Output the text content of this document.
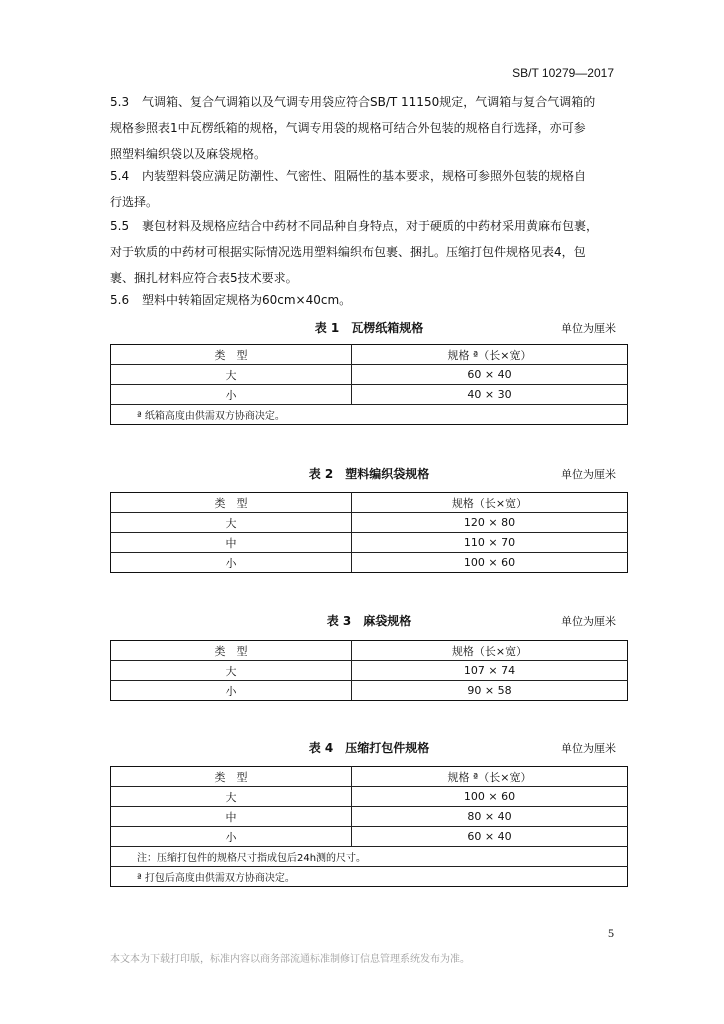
SB/T 10279—2017
5.3 气调箱、复合气调箱以及气调专用袋应符合SB/T 11150规定，气调箱与复合气调箱的
规格参照表1中瓦楞纸箱的规格，气调专用袋的规格可结合外包装的规格自行选择，亦可参
照塑料编织袋以及麻袋规格。
5.4 内装塑料袋应满足防潮性、气密性、阻隔性的基本要求，规格可参照外包装的规格自
行选择。
5.5 裹包材料及规格应结合中药材不同品种自身特点，对于硬质的中药材采用黄麻布包裹，
对于软质的中药材可根据实际情况选用塑料编织布包裹、捆扎。压缩打包件规格见表4，包
裹、捆扎材料应符合表5技术要求。
5.6 塑料中转箱固定规格为60cm×40cm。
表 1　瓦楞纸箱规格	单位为厘米
类　型	规格 ª（长×宽）
大	60 × 40
小	40 × 30
ª 纸箱高度由供需双方协商决定。	
表 2　塑料编织袋规格	单位为厘米
类　型	规格（长×宽）
大	120 × 80
中	110 × 70
小	100 × 60
表 3　麻袋规格	单位为厘米
类　型	规格（长×宽）
大	107 × 74
小	90 × 58
表 4　压缩打包件规格	单位为厘米
类　型	规格 ª（长×宽）
大	100 × 60
中	80 × 40
小	60 × 40
注：压缩打包件的规格尺寸指成包后24h测的尺寸。	
ª 打包后高度由供需双方协商决定。	
5
本文本为下载打印版，标准内容以商务部流通标准制修订信息管理系统发布为准。
